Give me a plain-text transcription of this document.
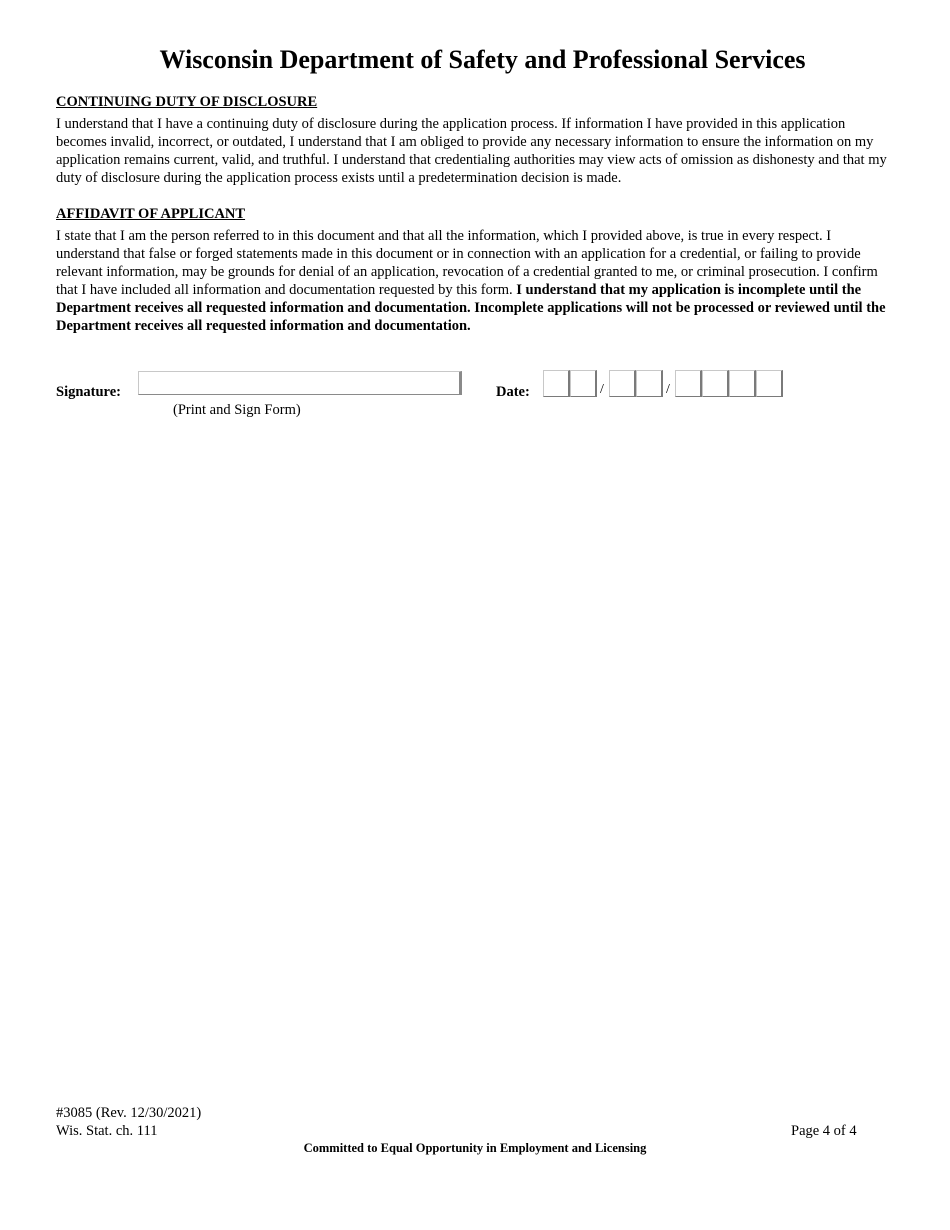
Wisconsin Department of Safety and Professional Services

CONTINUING DUTY OF DISCLOSURE

I understand that I have a continuing duty of disclosure during the application process. If information I have provided in this application becomes invalid, incorrect, or outdated, I understand that I am obliged to provide any necessary information to ensure the information on my application remains current, valid, and truthful. I understand that credentialing authorities may view acts of omission as dishonesty and that my duty of disclosure during the application process exists until a predetermination decision is made.

AFFIDAVIT OF APPLICANT

I state that I am the person referred to in this document and that all the information, which I provided above, is true in every respect. I understand that false or forged statements made in this document or in connection with an application for a credential, or failing to provide relevant information, may be grounds for denial of an application, revocation of a credential granted to me, or criminal prosecution. I confirm that I have included all information and documentation requested by this form. I understand that my application is incomplete until the Department receives all requested information and documentation. Incomplete applications will not be processed or reviewed until the Department receives all requested information and documentation.

Signature:
(Print and Sign Form)
Date:	/	/
#3085 (Rev. 12/30/2021)
Wis. Stat. ch. 111	Page 4 of 4
Committed to Equal Opportunity in Employment and Licensing
